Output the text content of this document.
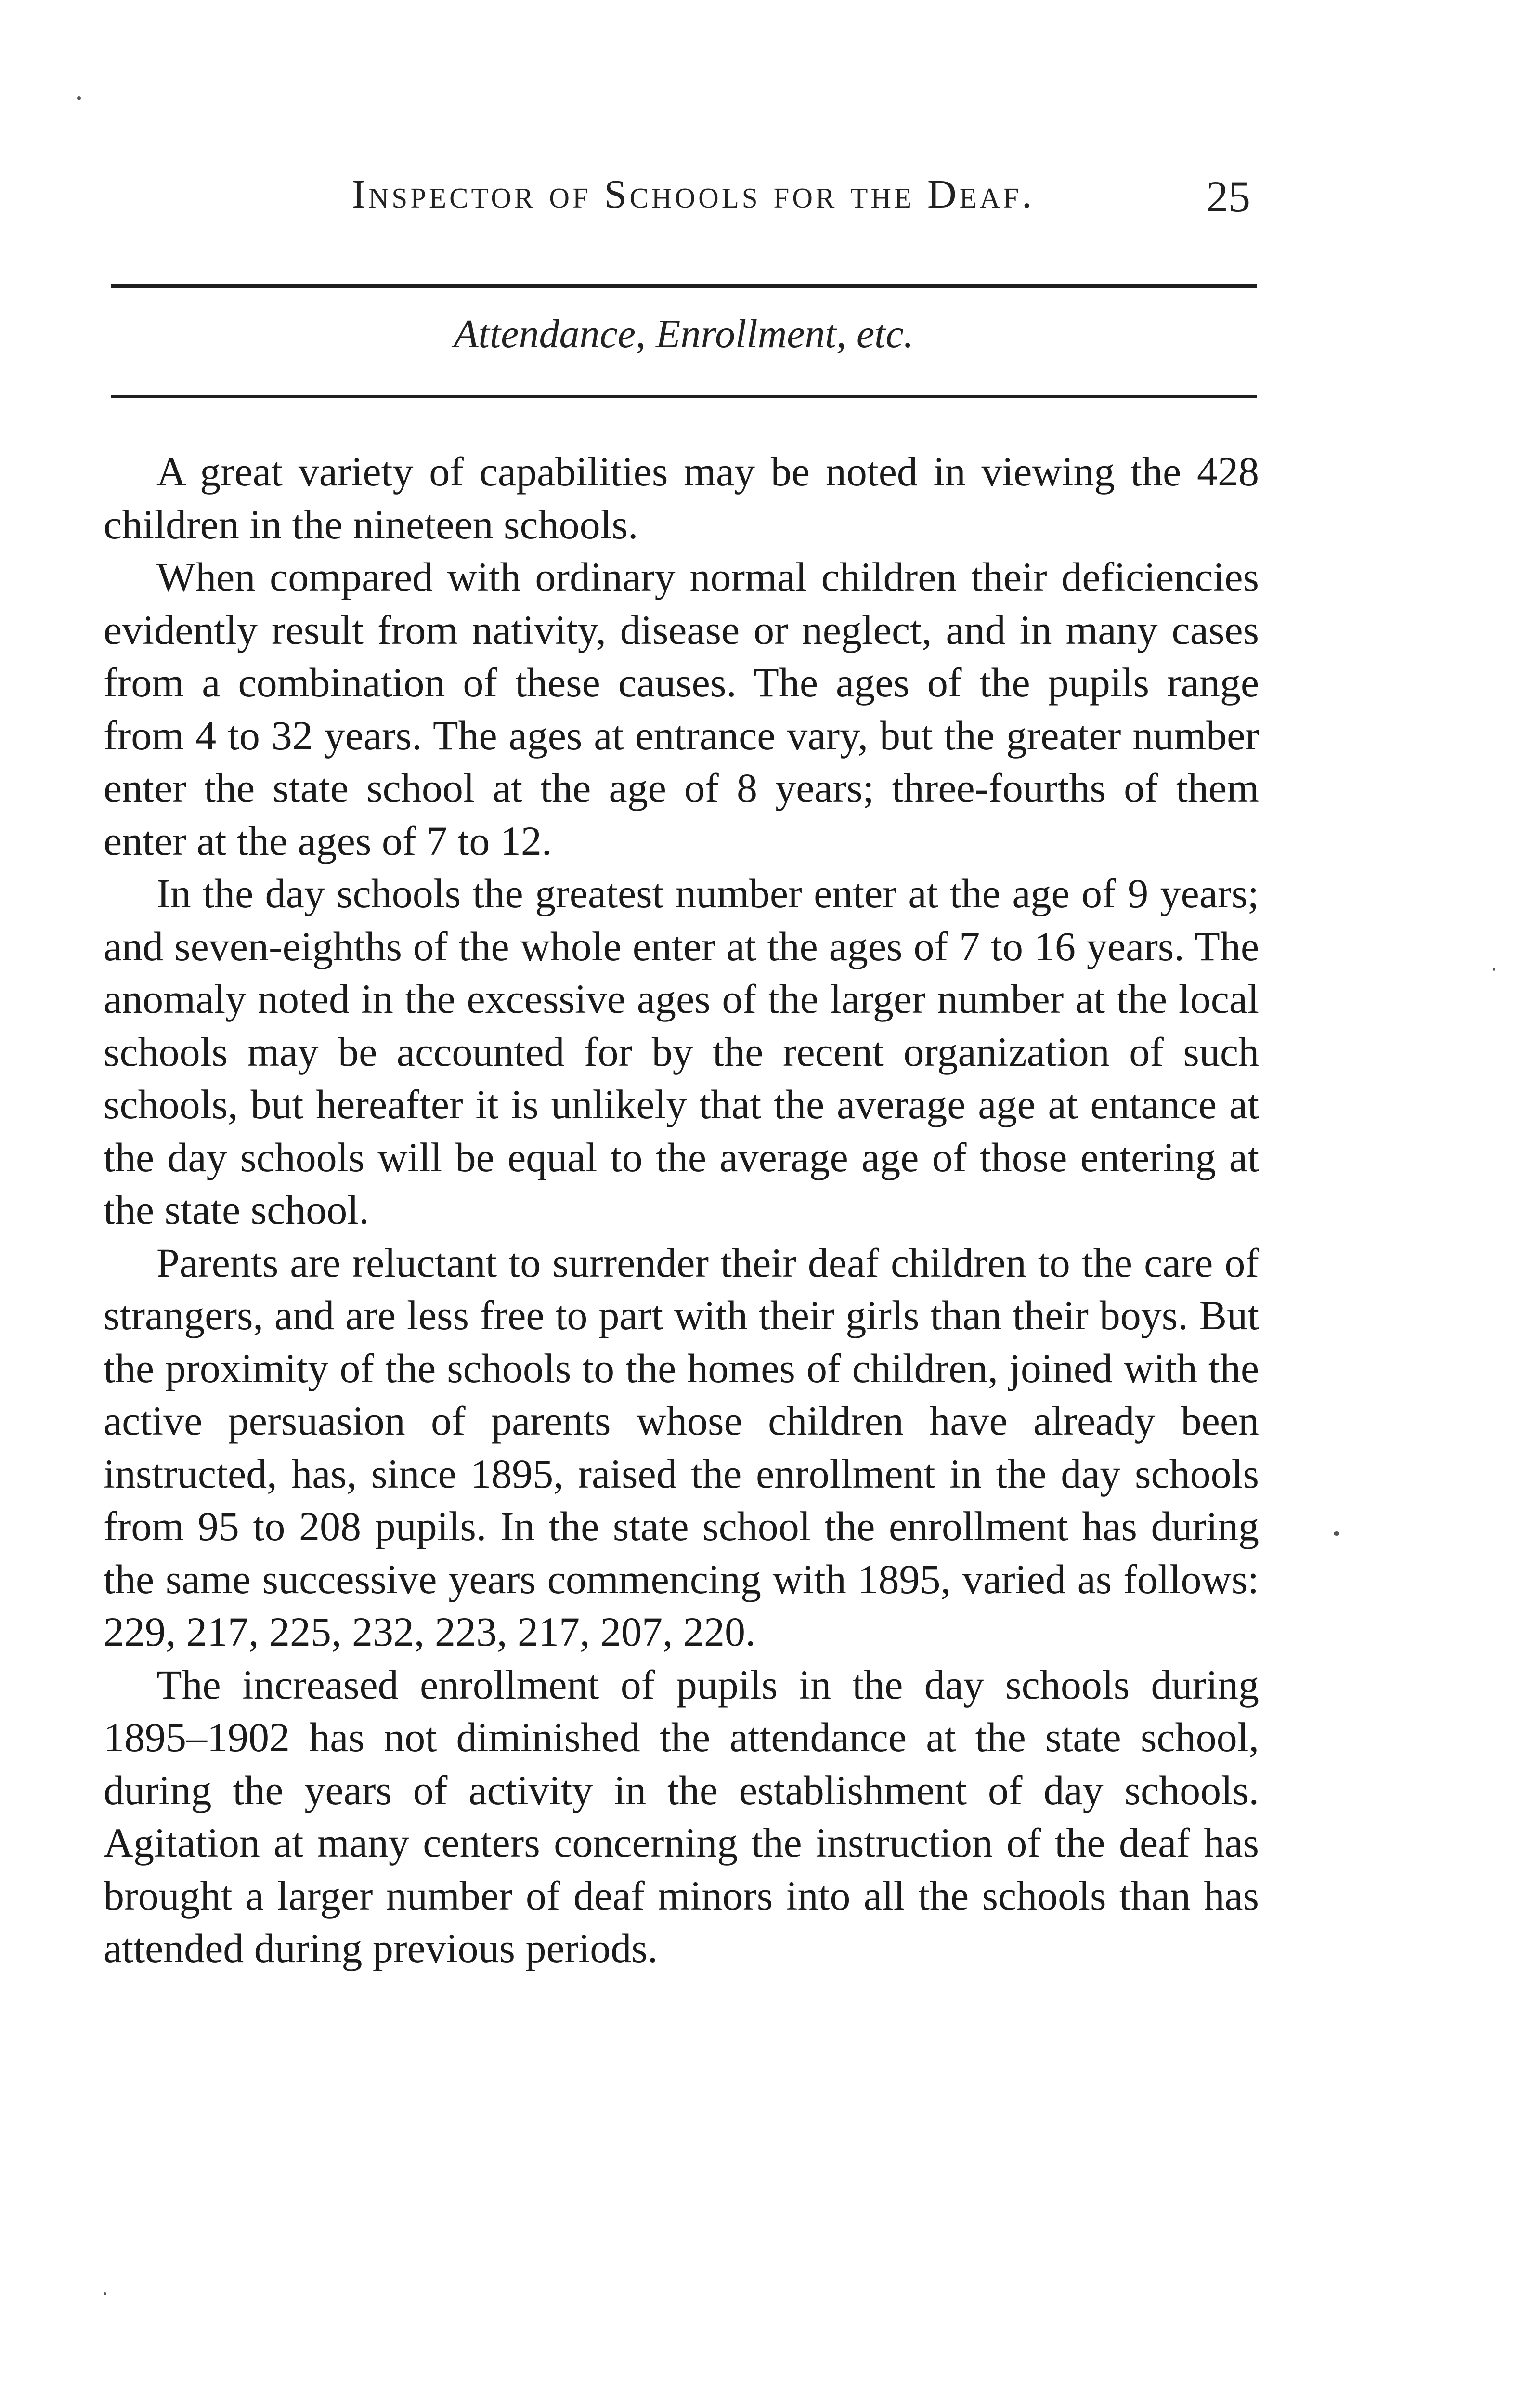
Inspector of Schools for the Deaf.	25
Attendance, Enrollment, etc.

A great variety of capabilities may be noted in viewing the 428 children in the nineteen schools.

When compared with ordinary normal children their deficiencies evidently result from nativity, disease or neglect, and in many cases from a combination of these causes. The ages of the pupils range from 4 to 32 years. The ages at entrance vary, but the greater number enter the state school at the age of 8 years; three-fourths of them enter at the ages of 7 to 12.

In the day schools the greatest number enter at the age of 9 years; and seven-eighths of the whole enter at the ages of 7 to 16 years. The anomaly noted in the excessive ages of the larger number at the local schools may be accounted for by the recent organization of such schools, but hereafter it is unlikely that the average age at entance at the day schools will be equal to the average age of those entering at the state school.

Parents are reluctant to surrender their deaf children to the care of strangers, and are less free to part with their girls than their boys. But the proximity of the schools to the homes of children, joined with the active persuasion of parents whose children have already been instructed, has, since 1895, raised the enrollment in the day schools from 95 to 208 pupils. In the state school the enrollment has during the same successive years commencing with 1895, varied as follows: 229, 217, 225, 232, 223, 217, 207, 220.

The increased enrollment of pupils in the day schools during 1895–1902 has not diminished the attendance at the state school, during the years of activity in the establishment of day schools. Agitation at many centers concerning the instruction of the deaf has brought a larger number of deaf minors into all the schools than has attended during previous periods.
